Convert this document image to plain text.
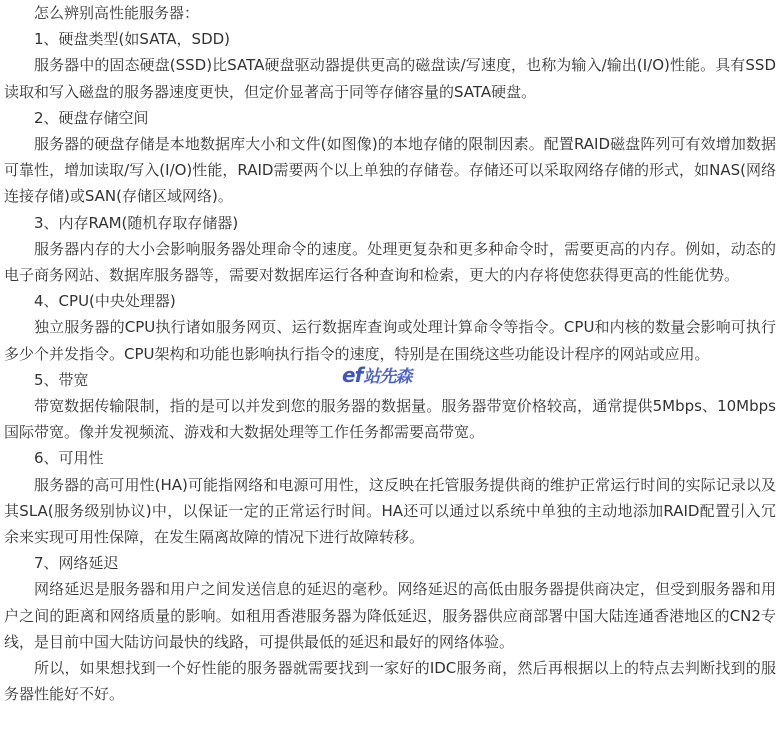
怎么辨别高性能服务器：

1、硬盘类型(如SATA，SDD)

服务器中的固态硬盘(SSD)比SATA硬盘驱动器提供更高的磁盘读/写速度，也称为输入/输出(I/O)性能。具有SSD读取和写入磁盘的服务器速度更快，但定价显著高于同等存储容量的SATA硬盘。

2、硬盘存储空间

服务器的硬盘存储是本地数据库大小和文件(如图像)的本地存储的限制因素。配置RAID磁盘阵列可有效增加数据可靠性，增加读取/写入(I/O)性能，RAID需要两个以上单独的存储卷。存储还可以采取网络存储的形式，如NAS(网络连接存储)或SAN(存储区域网络)。

3、内存RAM(随机存取存储器)

服务器内存的大小会影响服务器处理命令的速度。处理更复杂和更多种命令时，需要更高的内存。例如，动态的电子商务网站、数据库服务器等，需要对数据库运行各种查询和检索，更大的内存将使您获得更高的性能优势。

4、CPU(中央处理器)

独立服务器的CPU执行诸如服务网页、运行数据库查询或处理计算命令等指令。CPU和内核的数量会影响可执行多少个并发指令。CPU架构和功能也影响执行指令的速度，特别是在围绕这些功能设计程序的网站或应用。

5、带宽

带宽数据传输限制，指的是可以并发到您的服务器的数据量。服务器带宽价格较高，通常提供5Mbps、10Mbps国际带宽。像并发视频流、游戏和大数据处理等工作任务都需要高带宽。

6、可用性

服务器的高可用性(HA)可能指网络和电源可用性，这反映在托管服务提供商的维护正常运行时间的实际记录以及其SLA(服务级别协议)中，以保证一定的正常运行时间。HA还可以通过以系统中单独的主动地添加RAID配置引入冗余来实现可用性保障，在发生隔离故障的情况下进行故障转移。

7、网络延迟

网络延迟是服务器和用户之间发送信息的延迟的毫秒。网络延迟的高低由服务器提供商决定，但受到服务器和用户之间的距离和网络质量的影响。如租用香港服务器为降低延迟，服务器供应商部署中国大陆连通香港地区的CN2专线，是目前中国大陆访问最快的线路，可提供最低的延迟和最好的网络体验。

所以，如果想找到一个好性能的服务器就需要找到一家好的IDC服务商，然后再根据以上的特点去判断找到的服务器性能好不好。

ef站先森
